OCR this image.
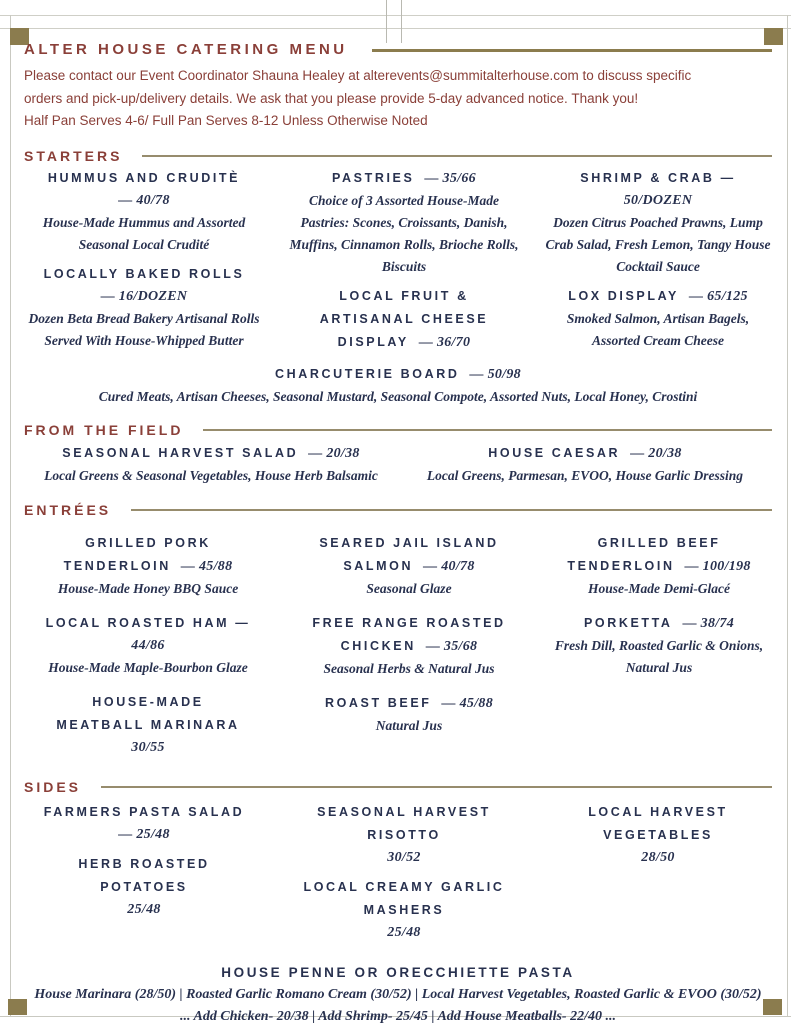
ALTER HOUSE CATERING MENU
Please contact our Event Coordinator Shauna Healey at alterevents@summitalterhouse.com to discuss specific
orders and pick-up/delivery details. We ask that you please provide 5-day advanced notice. Thank you!
Half Pan Serves 4-6/ Full Pan Serves 8-12 Unless Otherwise Noted
STARTERS
HUMMUS AND CRUDITÈ
— 40/78
House-Made Hummus and Assorted
Seasonal Local Crudité
LOCALLY BAKED ROLLS
— 16/DOZEN
Dozen Beta Bread Bakery Artisanal Rolls
Served With House-Whipped Butter
PASTRIES — 35/66
Choice of 3 Assorted House-Made
Pastries: Scones, Croissants, Danish,
Muffins, Cinnamon Rolls, Brioche Rolls,
Biscuits
LOCAL FRUIT &
ARTISANAL CHEESE
DISPLAY — 36/70
SHRIMP & CRAB —
50/DOZEN
Dozen Citrus Poached Prawns, Lump
Crab Salad, Fresh Lemon, Tangy House
Cocktail Sauce
LOX DISPLAY — 65/125
Smoked Salmon, Artisan Bagels,
Assorted Cream Cheese
CHARCUTERIE BOARD — 50/98
Cured Meats, Artisan Cheeses, Seasonal Mustard, Seasonal Compote, Assorted Nuts, Local Honey, Crostini
FROM THE FIELD
SEASONAL HARVEST SALAD — 20/38
Local Greens & Seasonal Vegetables, House Herb Balsamic
HOUSE CAESAR — 20/38
Local Greens, Parmesan, EVOO, House Garlic Dressing
ENTRÉES
GRILLED PORK
TENDERLOIN — 45/88
House-Made Honey BBQ Sauce
LOCAL ROASTED HAM —
44/86
House-Made Maple-Bourbon Glaze
HOUSE-MADE
MEATBALL MARINARA
30/55
SEARED JAIL ISLAND
SALMON — 40/78
Seasonal Glaze
FREE RANGE ROASTED
CHICKEN — 35/68
Seasonal Herbs & Natural Jus
ROAST BEEF — 45/88
Natural Jus
GRILLED BEEF
TENDERLOIN — 100/198
House-Made Demi-Glacé
PORKETTA — 38/74
Fresh Dill, Roasted Garlic & Onions,
Natural Jus
SIDES
FARMERS PASTA SALAD
— 25/48
HERB ROASTED
POTATOES
25/48
SEASONAL HARVEST
RISOTTO
30/52
LOCAL CREAMY GARLIC
MASHERS
25/48
LOCAL HARVEST
VEGETABLES
28/50
HOUSE PENNE OR ORECCHIETTE PASTA
House Marinara (28/50) | Roasted Garlic Romano Cream (30/52) | Local Harvest Vegetables, Roasted Garlic & EVOO (30/52)
... Add Chicken- 20/38 | Add Shrimp- 25/45 | Add House Meatballs- 22/40 ...
